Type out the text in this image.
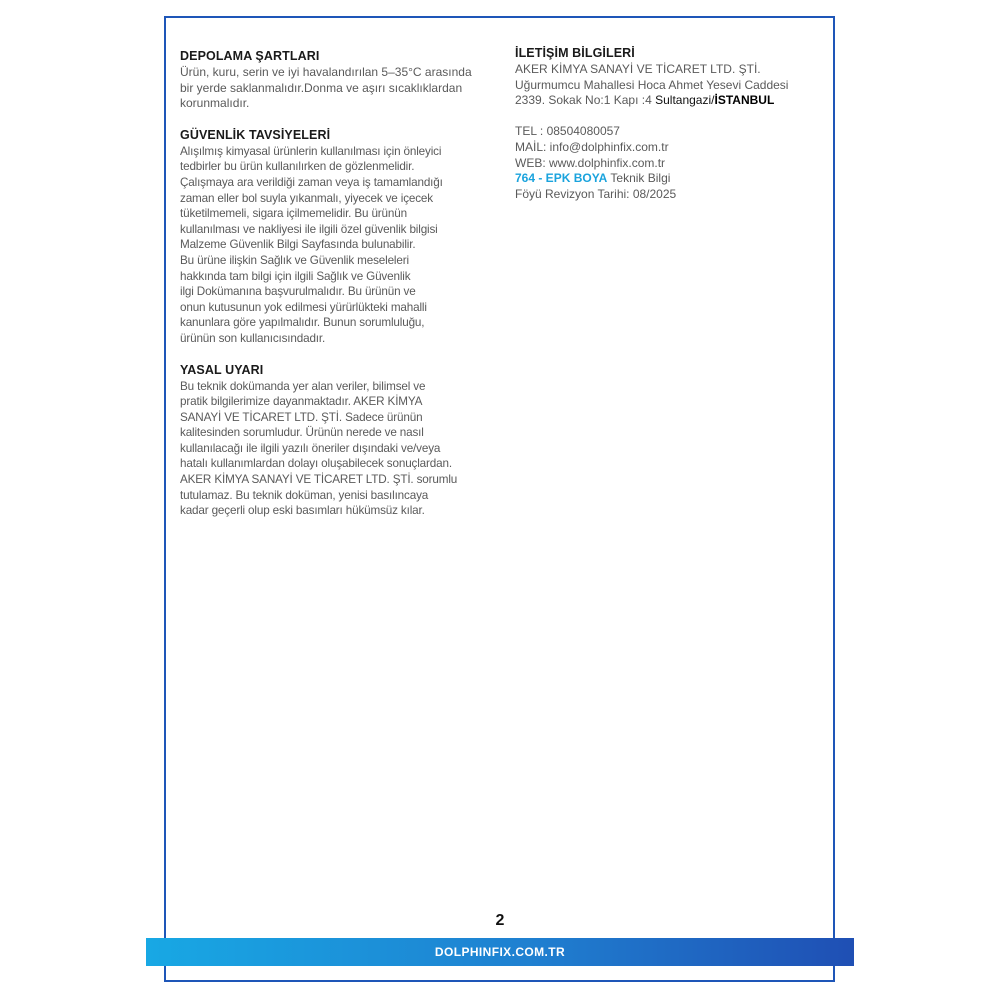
DEPOLAMA ŞARTLARI
Ürün, kuru, serin ve iyi havalandırılan 5–35°C arasında
bir yerde saklanmalıdır.Donma ve aşırı sıcaklıklardan
korunmalıdır.
GÜVENLİK TAVSİYELERİ
Alışılmış kimyasal ürünlerin kullanılması için önleyici
tedbirler bu ürün kullanılırken de gözlenmelidir.
Çalışmaya ara verildiği zaman veya iş tamamlandığı
zaman eller bol suyla yıkanmalı, yiyecek ve içecek
tüketilmemeli, sigara içilmemelidir. Bu ürünün
kullanılması ve nakliyesi ile ilgili özel güvenlik bilgisi
Malzeme Güvenlik Bilgi Sayfasında bulunabilir.
Bu ürüne ilişkin Sağlık ve Güvenlik meseleleri
hakkında tam bilgi için ilgili Sağlık ve Güvenlik
ilgi Dokümanına başvurulmalıdır. Bu ürünün ve
onun kutusunun yok edilmesi yürürlükteki mahalli
kanunlara göre yapılmalıdır. Bunun sorumluluğu,
ürünün son kullanıcısındadır.
YASAL UYARI
Bu teknik dokümanda yer alan veriler, bilimsel ve
pratik bilgilerimize dayanmaktadır. AKER KİMYA
SANAYİ VE TİCARET LTD. ŞTİ. Sadece ürünün
kalitesinden sorumludur. Ürünün nerede ve nasıl
kullanılacağı ile ilgili yazılı öneriler dışındaki ve/veya
hatalı kullanımlardan dolayı oluşabilecek sonuçlardan.
AKER KİMYA SANAYİ VE TİCARET LTD. ŞTİ. sorumlu
tutulamaz. Bu teknik doküman, yenisi basılıncaya
kadar geçerli olup eski basımları hükümsüz kılar.
İLETİŞİM BİLGİLERİ
AKER KİMYA SANAYİ VE TİCARET LTD. ŞTİ.
Uğurmumcu Mahallesi Hoca Ahmet Yesevi Caddesi
2339. Sokak No:1 Kapı :4 Sultangazi/İSTANBUL
TEL : 08504080057
MAİL: info@dolphinfix.com.tr
WEB: www.dolphinfix.com.tr
764 - EPK BOYA Teknik Bilgi
Föyü Revizyon Tarihi: 08/2025
2
DOLPHINFIX.COM.TR
